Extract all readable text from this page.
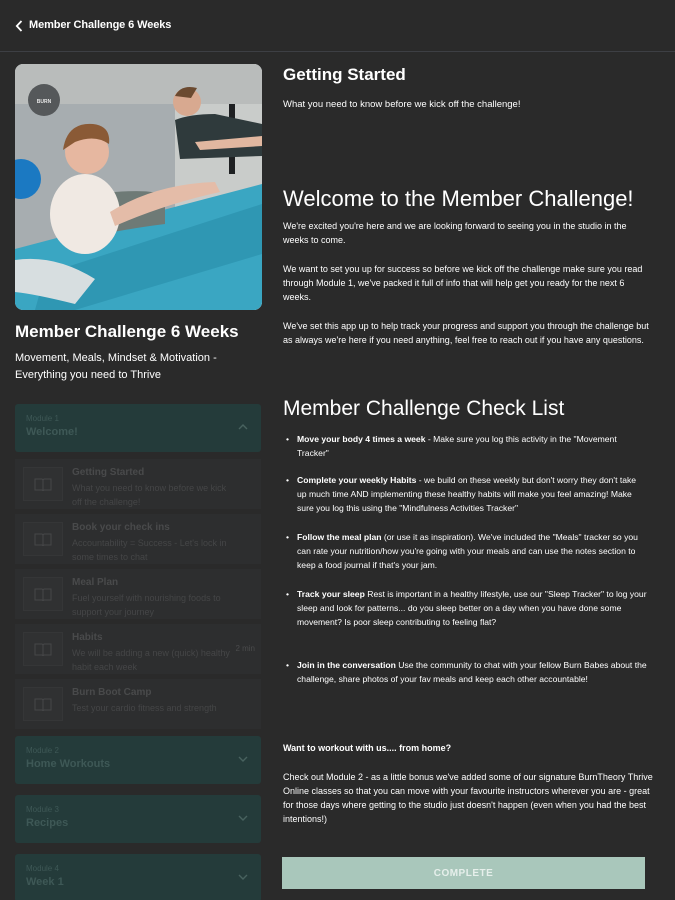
Member Challenge 6 Weeks
BURN
Member Challenge 6 Weeks
Movement, Meals, Mindset & Motivation - Everything you need to Thrive
Module 1
Welcome!
Getting Started
What you need to know before we kick off the challenge!
Book your check ins
Accountability = Success - Let's lock in some times to chat
Meal Plan
Fuel yourself with nourishing foods to support your journey
Habits
We will be adding a new (quick) healthy habit each week
2 min
Burn Boot Camp
Test your cardio fitness and strength
Module 2
Home Workouts
Module 3
Recipes
Module 4
Week 1
Getting Started
What you need to know before we kick off the challenge!
Welcome to the Member Challenge!
We're excited you're here and we are looking forward to seeing you in the studio in the weeks to come.
We want to set you up for success so before we kick off the challenge make sure you read through Module 1, we've packed it full of info that will help get you ready for the next 6 weeks.
We've set this app up to help track your progress and support you through the challenge but as always we're here if you need anything, feel free to reach out if you have any questions.
Member Challenge Check List
• Move your body 4 times a week - Make sure you log this activity in the "Movement Tracker"
• Complete your weekly Habits - we build on these weekly but don't worry they don't take up much time AND implementing these healthy habits will make you feel amazing! Make sure you log this using the "Mindfulness Activities Tracker"
• Follow the meal plan (or use it as inspiration). We've included the "Meals" tracker so you can rate your nutrition/how you're going with your meals and can use the notes section to keep a food journal if that's your jam.
• Track your sleep Rest is important in a healthy lifestyle, use our "Sleep Tracker" to log your sleep and look for patterns... do you sleep better on a day when you have done some movement? Is poor sleep contributing to feeling flat?
• Join in the conversation Use the community to chat with your fellow Burn Babes about the challenge, share photos of your fav meals and keep each other accountable!
Want to workout with us.... from home?
Check out Module 2 - as a little bonus we've added some of our signature BurnTheory Thrive Online classes so that you can move with your favourite instructors wherever you are - great for those days where getting to the studio just doesn't happen (even when you had the best intentions!)
COMPLETE
